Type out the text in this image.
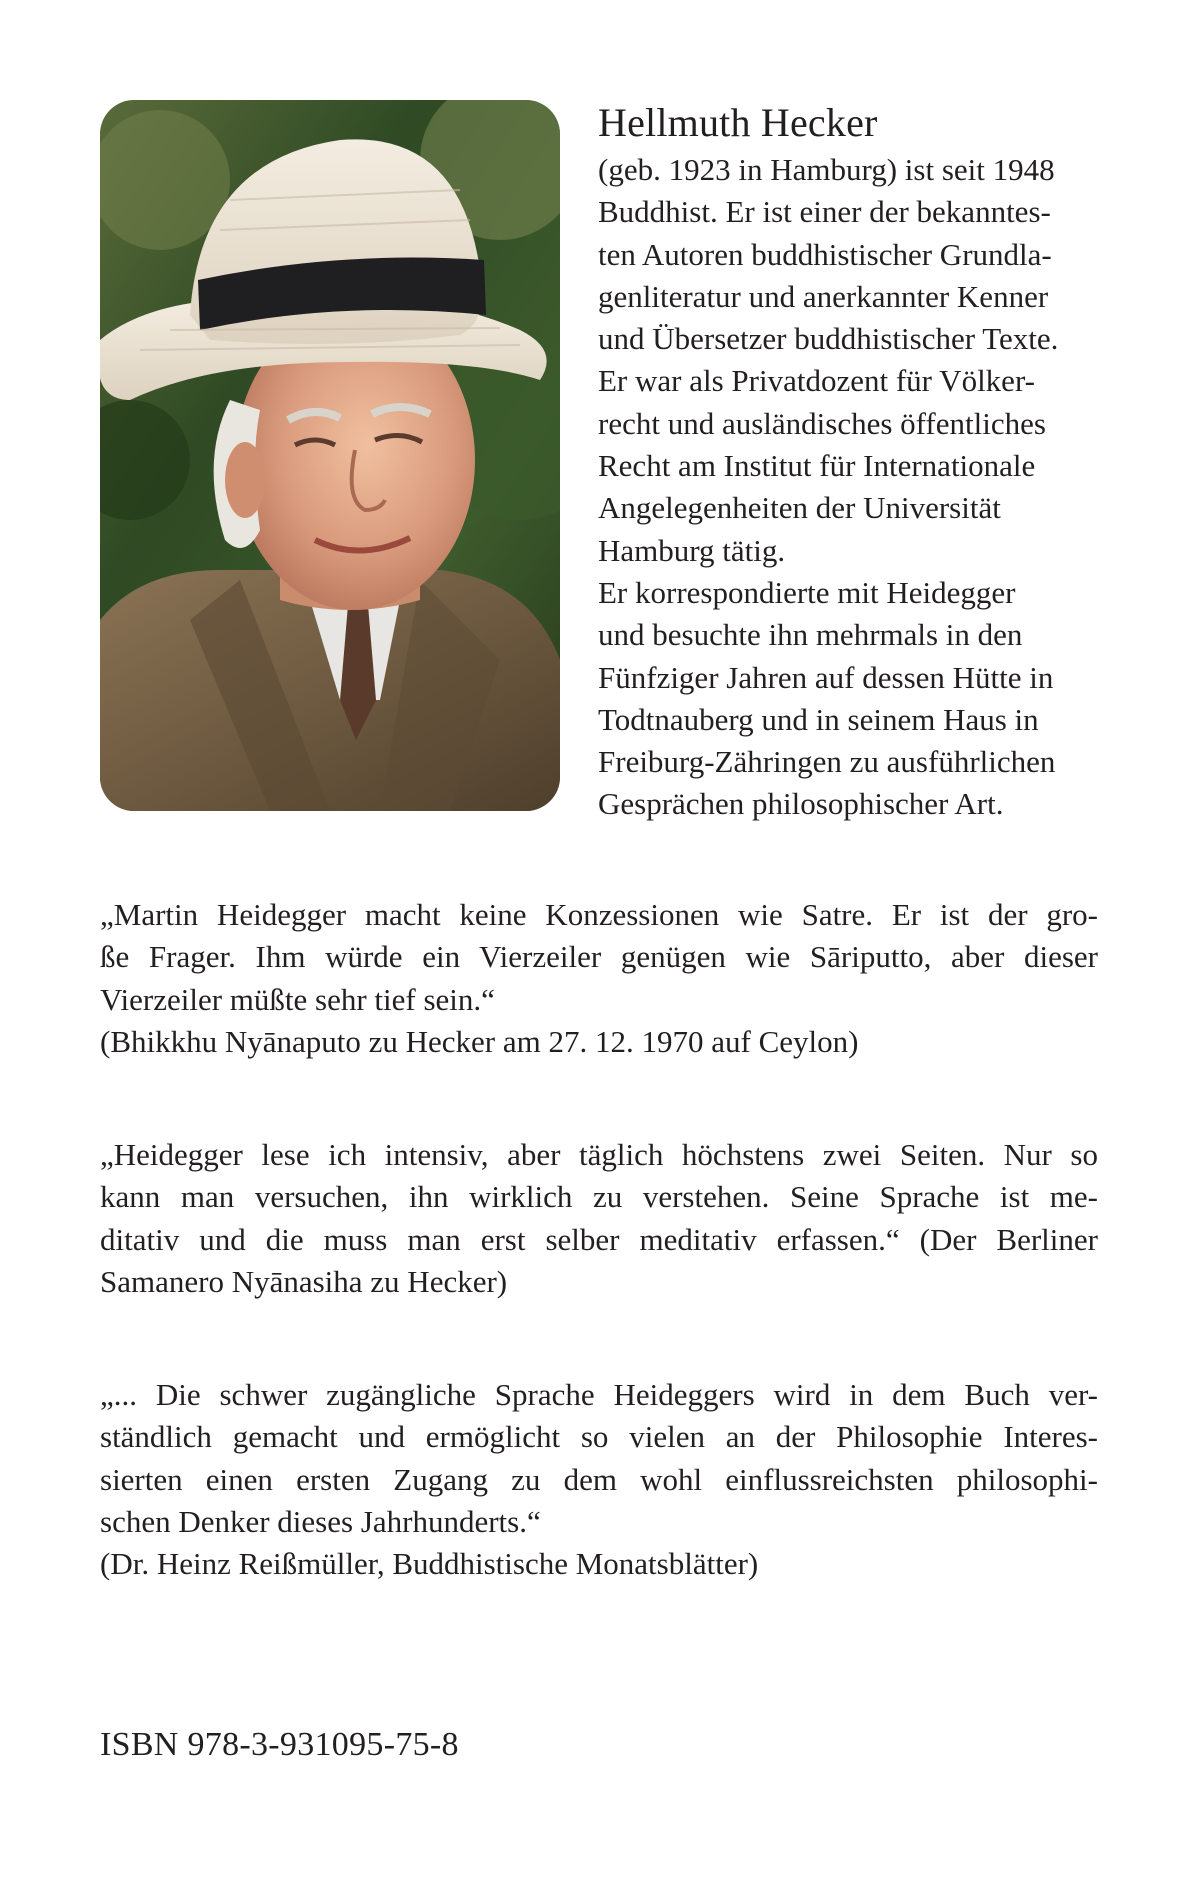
Hellmuth Hecker
(geb. 1923 in Hamburg) ist seit 1948
Buddhist. Er ist einer der bekanntes-
ten Autoren buddhistischer Grundla-
genliteratur und anerkannter Kenner
und Übersetzer buddhistischer Texte.
Er war als Privatdozent für Völker-
recht und ausländisches öffentliches
Recht am Institut für Internationale
Angelegenheiten der Universität
Hamburg tätig.
Er korrespondierte mit Heidegger
und besuchte ihn mehrmals in den
Fünfziger Jahren auf dessen Hütte in
Todtnauberg und in seinem Haus in
Freiburg-Zähringen zu ausführlichen
Gesprächen philosophischer Art.
„Martin Heidegger macht keine Konzessionen wie Satre. Er ist der gro-
ße Frager. Ihm würde ein Vierzeiler genügen wie Sāriputto, aber dieser
Vierzeiler müßte sehr tief sein.“
(Bhikkhu Nyānaputo zu Hecker am 27. 12. 1970 auf Ceylon)
„Heidegger lese ich intensiv, aber täglich höchstens zwei Seiten. Nur so
kann man versuchen, ihn wirklich zu verstehen. Seine Sprache ist me-
ditativ und die muss man erst selber meditativ erfassen.“ (Der Berliner
Samanero Nyānasiha zu Hecker)
„... Die schwer zugängliche Sprache Heideggers wird in dem Buch ver-
ständlich gemacht und ermöglicht so vielen an der Philosophie Interes-
sierten einen ersten Zugang zu dem wohl einflussreichsten philosophi-
schen Denker dieses Jahrhunderts.“
(Dr. Heinz Reißmüller, Buddhistische Monatsblätter)
ISBN 978-3-931095-75-8
